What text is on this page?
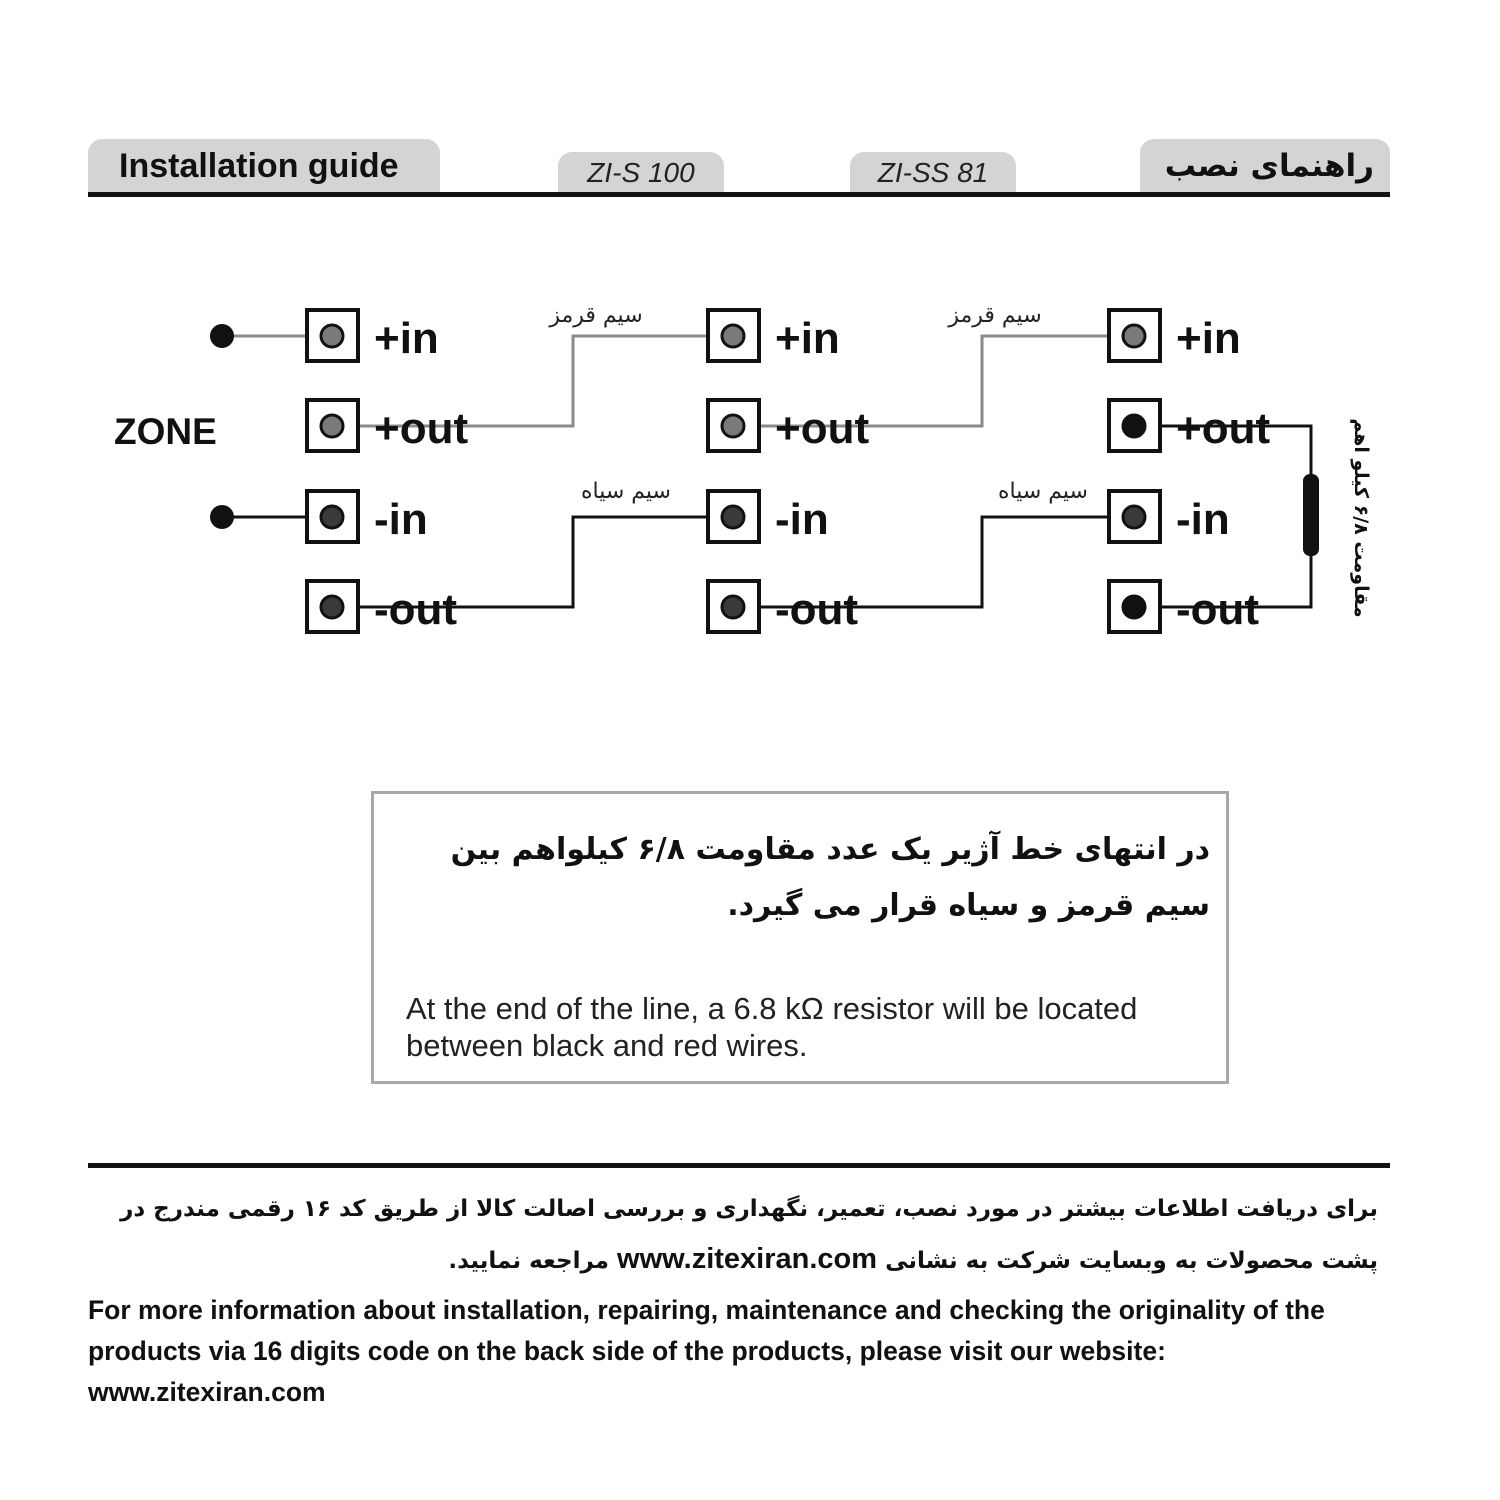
Installation guide	ZI-S 100	ZI-SS 81	راهنمای نصب
+in
+out
-in
-out
+in
+out
-in
-out
+in
+out
-in
-out
ZONE
سیم قرمز	سیم قرمز
سیم سیاه	سیم سیاه	مقاومت ۶/۸ کیلو اهم
در انتهای خط آژیر یک عدد مقاومت ۶/۸ کیلواهم بین سیم قرمز و سیاه قرار می گیرد.
At the end of the line, a 6.8 kΩ resistor will be located between black and red wires.
برای دریافت اطلاعات بیشتر در مورد نصب، تعمیر، نگهداری و بررسی اصالت کالا از طریق کد ۱۶ رقمی مندرج در پشت محصولات به وبسایت شرکت به نشانی www.zitexiran.com مراجعه نمایید.
For more information about installation, repairing, maintenance and checking the originality of the products via 16 digits code on the back side of the products, please visit our website: www.zitexiran.com
